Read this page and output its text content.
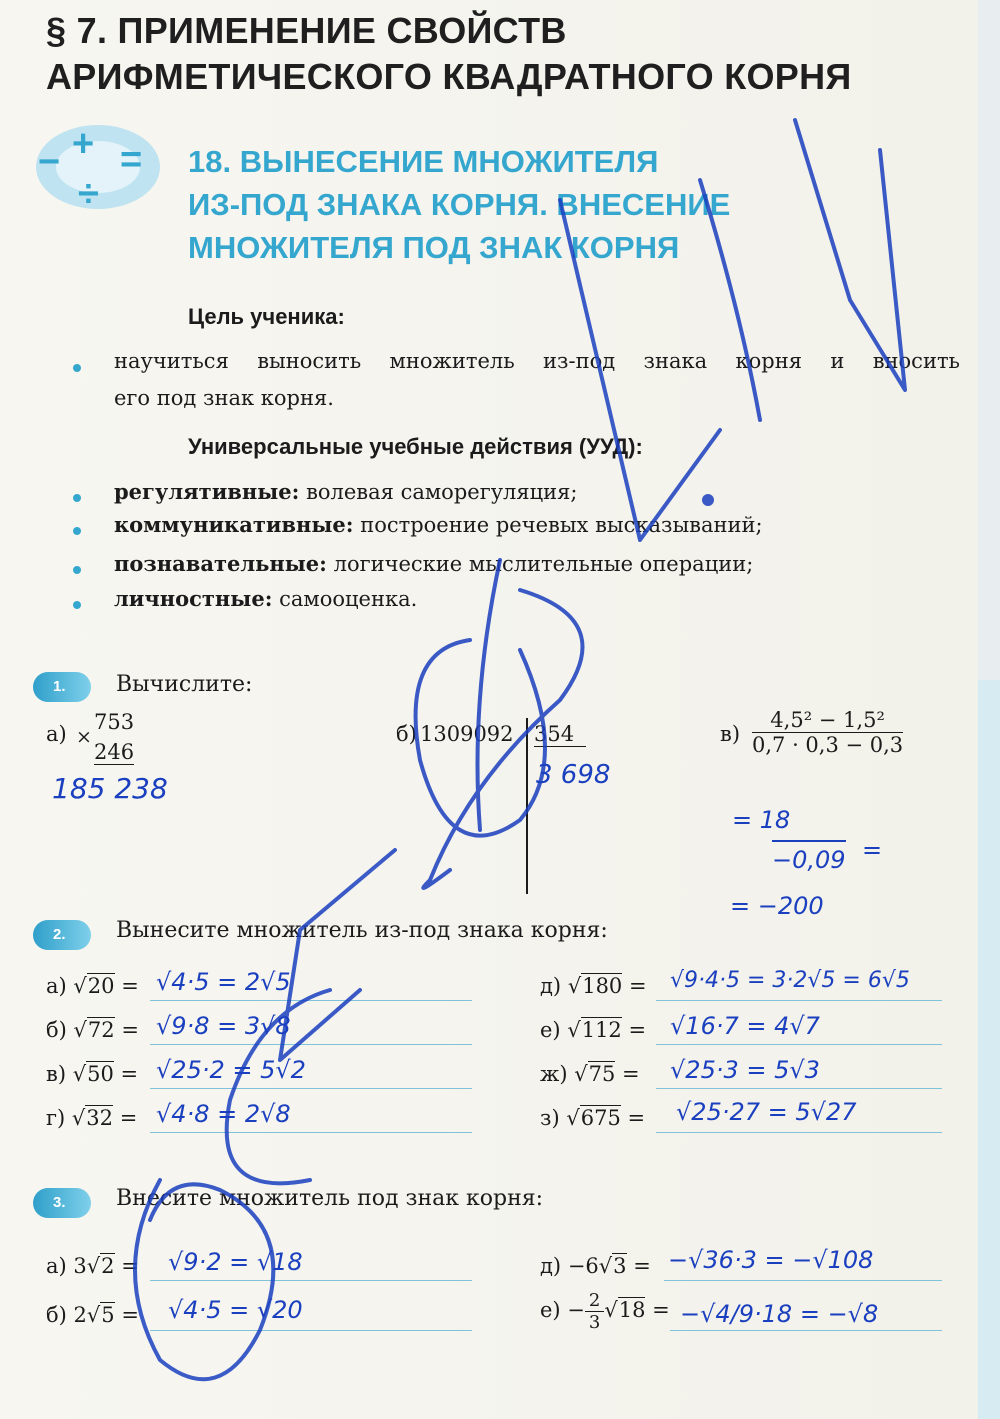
§ 7. ПРИМЕНЕНИЕ СВОЙСТВ
АРИФМЕТИЧЕСКОГО КВАДРАТНОГО КОРНЯ
+
− =
÷
18. ВЫНЕСЕНИЕ МНОЖИТЕЛЯ
ИЗ-ПОД ЗНАКА КОРНЯ. ВНЕСЕНИЕ
МНОЖИТЕЛЯ ПОД ЗНАК КОРНЯ
Цель ученика:
научиться выносить множитель из-под знака корня и вносить
его под знак корня.
Универсальные учебные действия (УУД):
регулятивные: волевая саморегуляция;
коммуникативные: построение речевых высказываний;
познавательные: логические мыслительные операции;
личностные: самооценка.
1.	Вычислите:
а) ×
753
246
185 238
б) 1309092 354
3 698
$в) \frac{\text{4,5² − 1,5²}}{0,7 \cdot 0,3 - 0,3}$
= 18
−0,09 =
= −200
2.	Вынесите множитель из-под знака корня:
а) √20 = √4·5 = 2√5
б) √72 = √9·8 = 3√8
в) √50 = √25·2 = 5√2
г) √32 = √4·8 = 2√8
д) √180 = √9·4·5 = 3·2√5 = 6√5
е) √112 = √16·7 = 4√7
ж) √75 = √25·3 = 5√3
з) √675 = √25·27 = 5√27
3.	Внесите множитель под знак корня:
а) 3√2 = √9·2 = √18
б) 2√5 = √4·5 = √20
д) −6√3 = −√36·3 = −√108
$е) - \frac{2}{3} √18 = -√4/9\cdot 18 = -√8$
